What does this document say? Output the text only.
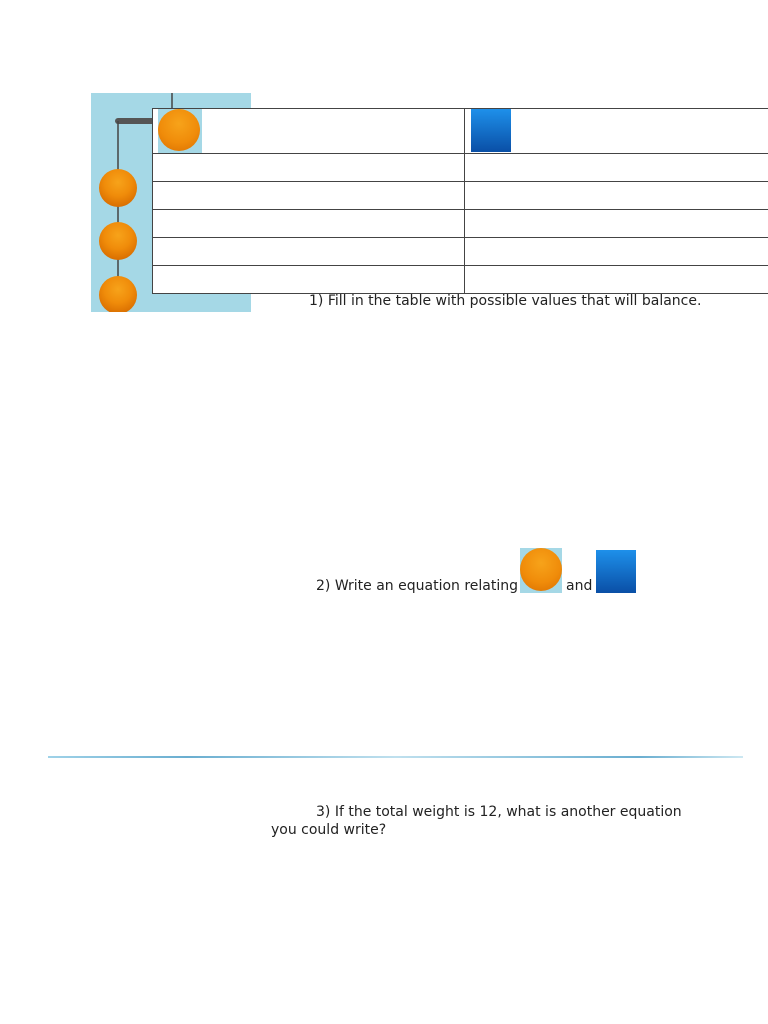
1) Fill in the table with possible values that will balance.
2) Write an equation relating	and
3) If the total weight is 12, what is another equation
you could write?
